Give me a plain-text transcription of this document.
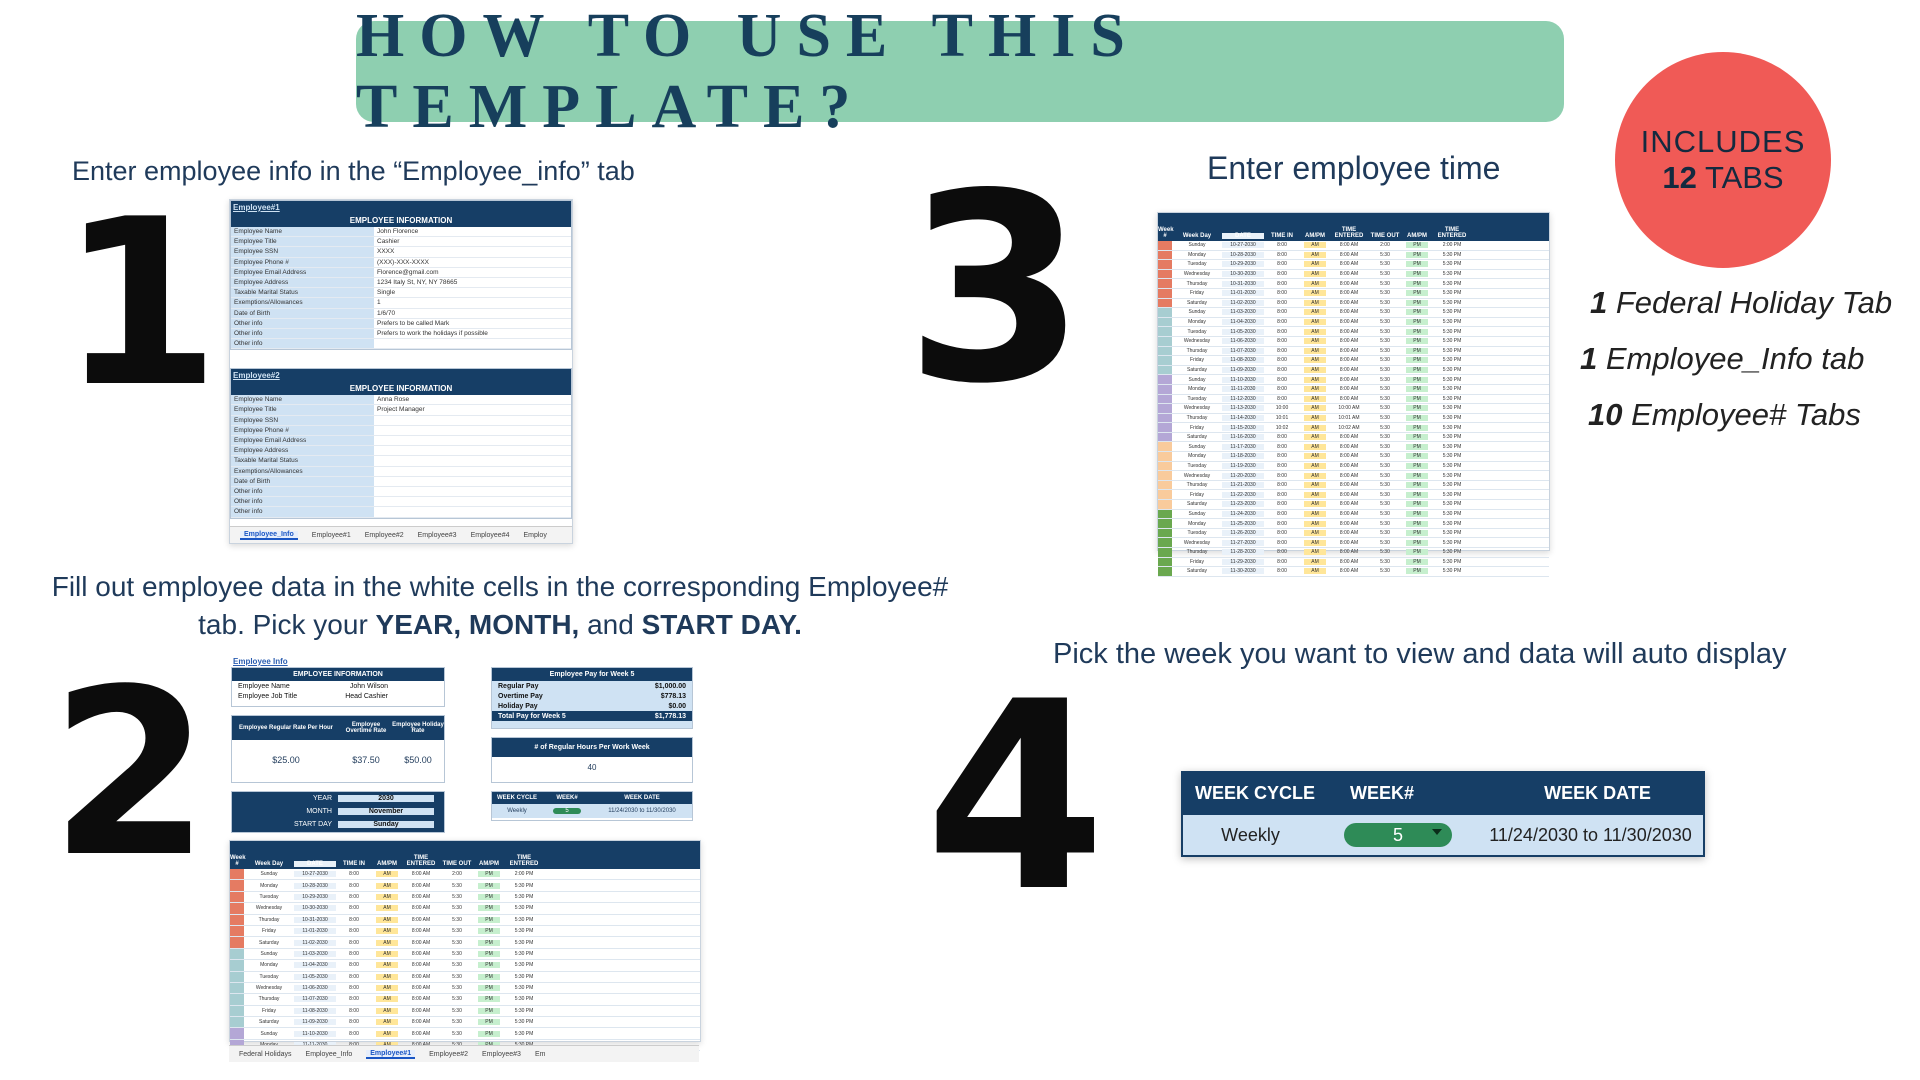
HOW TO USE THIS TEMPLATE?
INCLUDES
12 TABS
1 Federal Holiday Tab
1 Employee_Info tab
10 Employee# Tabs
1
Enter employee info in the “Employee_info” tab
Employee#1
EMPLOYEE INFORMATION
Employee Name	John Florence
Employee Title	Cashier
Employee SSN	XXXX
Employee Phone #	(XXX)-XXX-XXXX
Employee Email Address	Florence@gmail.com
Employee Address	1234 Italy St, NY, NY 78665
Taxable Marital Status	Single
Exemptions/Allowances	1
Date of Birth	1/6/70
Other info	Prefers to be called Mark
Other info	Prefers to work the holidays if possible
Other info
Employee#2
EMPLOYEE INFORMATION
Employee Name	Anna Rose
Employee Title	Project Manager
Employee SSN
Employee Phone #
Employee Email Address
Employee Address
Taxable Marital Status
Exemptions/Allowances
Date of Birth
Other info
Other info
Other info
Employee_Info	Employee#1 Employee#2 Employee#3 Employee#4 Employ
Fill out employee data in the white cells in the corresponding Employee#
tab. Pick your YEAR, MONTH, and START DAY.
2	Employee Info
EMPLOYEE INFORMATION
Employee Name	John Wilson
Employee Job Title	Head Cashier
Employee Regular Rate Per Hour	Employee Overtime Rate
Employee Holiday Rate
$25.00	$37.50	$50.00
YEAR	2030
MONTH	November
START DAY	Sunday
Employee Pay for Week 5
Regular Pay	$1,000.00
Overtime Pay	$778.13
Holiday Pay	$0.00
Total Pay for Week 5	$1,778.13
# of Regular Hours Per Work Week
40
WEEK CYCLE	WEEK#	WEEK DATE
Weekly	5	11/24/2030 to 11/30/2030
Week #	Week Day	DATE	TIME IN	AM/PM
TIME ENTERED	TIME OUT	AM/PM
TIME ENTERED
Sunday	10-27-2030	8:00	AM	8:00 AM	2:00	PM	2:00 PM
Monday	10-28-2030	8:00	AM	8:00 AM	5:30	PM	5:30 PM
Tuesday	10-29-2030	8:00	AM	8:00 AM	5:30	PM	5:30 PM
Wednesday	10-30-2030	8:00	AM	8:00 AM	5:30	PM	5:30 PM
Thursday	10-31-2030	8:00	AM	8:00 AM	5:30	PM	5:30 PM
Friday	11-01-2030	8:00	AM	8:00 AM	5:30	PM	5:30 PM
Saturday	11-02-2030	8:00	AM	8:00 AM	5:30	PM	5:30 PM
Sunday	11-03-2030	8:00	AM	8:00 AM	5:30	PM	5:30 PM
Monday	11-04-2030	8:00	AM	8:00 AM	5:30	PM	5:30 PM
Tuesday	11-05-2030	8:00	AM	8:00 AM	5:30	PM	5:30 PM
Wednesday	11-06-2030	8:00	AM	8:00 AM	5:30	PM	5:30 PM
Thursday	11-07-2030	8:00	AM	8:00 AM	5:30	PM	5:30 PM
Friday	11-08-2030	8:00	AM	8:00 AM	5:30	PM	5:30 PM
Saturday	11-09-2030	8:00	AM	8:00 AM	5:30	PM	5:30 PM
Sunday	11-10-2030	8:00	AM	8:00 AM	5:30	PM	5:30 PM
Federal Holidays Employee_Info	Employee#1	Employee#2 Employee#3 Em
Enter employee time
3	Week #	Week Day	DATE	TIME IN	AM/PM
TIME ENTERED	TIME OUT	AM/PM
TIME ENTERED
Sunday	10-27-2030	8:00	AM	8:00 AM	2:00	PM	2:00 PM
Monday	10-28-2030	8:00	AM	8:00 AM	5:30	PM	5:30 PM
Tuesday	10-29-2030	8:00	AM	8:00 AM	5:30	PM	5:30 PM
Wednesday	10-30-2030	8:00	AM	8:00 AM	5:30	PM	5:30 PM
Thursday	10-31-2030	8:00	AM	8:00 AM	5:30	PM	5:30 PM
Friday	11-01-2030	8:00	AM	8:00 AM	5:30	PM	5:30 PM
Saturday	11-02-2030	8:00	AM	8:00 AM	5:30	PM	5:30 PM
Sunday	11-03-2030	8:00	AM	8:00 AM	5:30	PM	5:30 PM
Monday	11-04-2030	8:00	AM	8:00 AM	5:30	PM	5:30 PM
Tuesday	11-05-2030	8:00	AM	8:00 AM	5:30	PM	5:30 PM
Wednesday	11-06-2030	8:00	AM	8:00 AM	5:30	PM	5:30 PM
Thursday	11-07-2030	8:00	AM	8:00 AM	5:30	PM	5:30 PM
Friday	11-08-2030	8:00	AM	8:00 AM	5:30	PM	5:30 PM
Saturday	11-09-2030	8:00	AM	8:00 AM	5:30	PM	5:30 PM
Sunday	11-10-2030	8:00	AM	8:00 AM	5:30	PM	5:30 PM
Monday	11-11-2030	8:00	AM	8:00 AM	5:30	PM	5:30 PM
Tuesday	11-12-2030	8:00	AM	8:00 AM	5:30	PM	5:30 PM
Wednesday	11-13-2030	10:00	AM	10:00 AM	5:30	PM	5:30 PM
Thursday	11-14-2030	10:01	AM	10:01 AM	5:30	PM	5:30 PM
Friday	11-15-2030	10:02	AM	10:02 AM	5:30	PM	5:30 PM
Saturday	11-16-2030	8:00	AM	8:00 AM	5:30	PM	5:30 PM
Sunday	11-17-2030	8:00	AM	8:00 AM	5:30	PM	5:30 PM
Monday	11-18-2030	8:00	AM	8:00 AM	5:30	PM	5:30 PM
Tuesday	11-19-2030	8:00	AM	8:00 AM	5:30	PM	5:30 PM
Wednesday	11-20-2030	8:00	AM	8:00 AM	5:30	PM	5:30 PM
Thursday	11-21-2030	8:00	AM	8:00 AM	5:30	PM	5:30 PM
Friday	11-22-2030	8:00	AM	8:00 AM	5:30	PM	5:30 PM
Saturday	11-23-2030	8:00	AM	8:00 AM	5:30	PM	5:30 PM
Sunday	11-24-2030	8:00	AM	8:00 AM	5:30	PM	5:30 PM
Monday	11-25-2030	8:00	AM	8:00 AM	5:30	PM	5:30 PM
Tuesday	11-26-2030	8:00	AM	8:00 AM	5:30	PM	5:30 PM
Wednesday	11-27-2030	8:00	AM	8:00 AM	5:30	PM	5:30 PM
Thursday	11-28-2030	8:00	AM	8:00 AM	5:30	PM	5:30 PM
Friday	11-29-2030	8:00	AM	8:00 AM	5:30	PM	5:30 PM
Saturday	11-30-2030	8:00	AM	8:00 AM	5:30	PM	5:30 PM
Pick the week you want to view and data will auto display
4	WEEK CYCLE	WEEK#	WEEK DATE
Weekly	5	11/24/2030 to 11/30/2030
